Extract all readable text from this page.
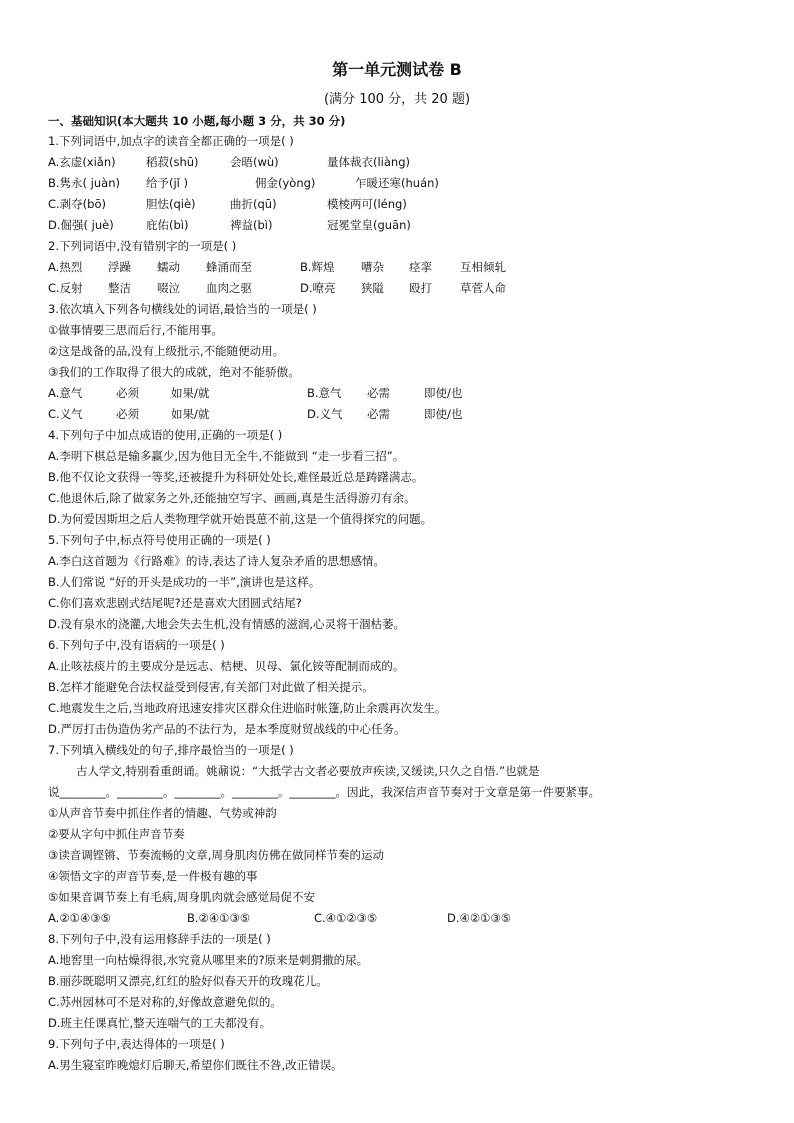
第一单元测试卷 B
(满分 100 分，共 20 题)
一、基础知识(本大题共 10 小题,每小题 3 分，共 30 分)
1.下列词语中,加点字的读音全都正确的一项是( )
A.玄虚(xiǎn)	稻菽(shū)	会晤(wù)	量体裁衣(liàng)
B.隽永( juàn) 给予(jǐ )	佣金(yòng)	乍暖还寒(huán)
C.剥夺(bō)	胆怯(qiè)	曲折(qū)	模棱两可(léng)
D.倔强( juè)	庇佑(bì)	裨益(bì)	冠冕堂皇(guān)
2.下列词语中,没有错别字的一项是( )
A.热烈 浮躁 蠕动 蜂涌而至	B.辉煌 嘈杂 痉挛 互相倾轧
C.反射 整洁 啜泣 血肉之驱	D.嘹亮 狭隘 殴打 草菅人命
3.依次填入下列各句横线处的词语,最恰当的一项是( )
①做事情要三思而后行,不能用事。
②这是战备的品,没有上级批示,不能随便动用。
③我们的工作取得了很大的成就，绝对不能骄傲。
A.意气	必须	如果/就	B.意气 必需	即使/也
C.义气	必须	如果/就	D.义气 必需	即使/也
4.下列句子中加点成语的使用,正确的一项是( )
A.李明下棋总是输多赢少,因为他目无全牛,不能做到 “走一步看三招”。
B.他不仅论文获得一等奖,还被提升为科研处处长,难怪最近总是踌躇满志。
C.他退休后,除了做家务之外,还能抽空写字、画画,真是生活得游刃有余。
D.为何爱因斯坦之后人类物理学就开始畏葸不前,这是一个值得探究的问题。
5.下列句子中,标点符号使用正确的一项是( )
A.李白这首题为《行路难》的诗,表达了诗人复杂矛盾的思想感情。
B.人们常说 “好的开头是成功的一半”,演讲也是这样。
C.你们喜欢悲剧式结尾呢?还是喜欢大团圆式结尾?
D.没有泉水的浇灌,大地会失去生机,没有情感的滋润,心灵将干涸枯萎。
6.下列句子中,没有语病的一项是( )
A.止咳祛痰片的主要成分是远志、桔梗、贝母、氯化铵等配制而成的。
B.怎样才能避免合法权益受到侵害,有关部门对此做了相关提示。
C.地震发生之后,当地政府迅速安排灾区群众住进临时帐篷,防止余震再次发生。
D.严厉打击伪造伪劣产品的不法行为，是本季度财贸战线的中心任务。
7.下列填入横线处的句子,排序最恰当的一项是( )
古人学文,特别看重朗诵。姚鼐说：“大抵学古文者必要放声疾读,又缓读,只久之自悟.”也就是
说________。________。________。________。________。因此，我深信声音节奏对于文章是第一件要紧事。
①从声音节奏中抓住作者的情趣、气势或神韵
②要从字句中抓住声音节奏
③读音调铿锵、节奏流畅的文章,周身肌肉仿佛在做同样节奏的运动
④领悟文字的声音节奏,是一件极有趣的事
⑤如果音调节奏上有毛病,周身肌肉就会感觉局促不安
A.②①④③⑤	B.②④①③⑤	C.④①②③⑤	D.④②①③⑤
8.下列句子中,没有运用修辞手法的一项是( )
A.地窖里一向枯燥得很,水究竟从哪里来的?原来是刺猬撒的尿。
B.丽莎既聪明又漂亮,红红的脸好似春天开的玫瑰花儿。
C.苏州园林可不是对称的,好像故意避免似的。
D.班主任课真忙,整天连喘气的工夫都没有。
9.下列句子中,表达得体的一项是( )
A.男生寝室昨晚熄灯后聊天,希望你们既往不咎,改正错误。
